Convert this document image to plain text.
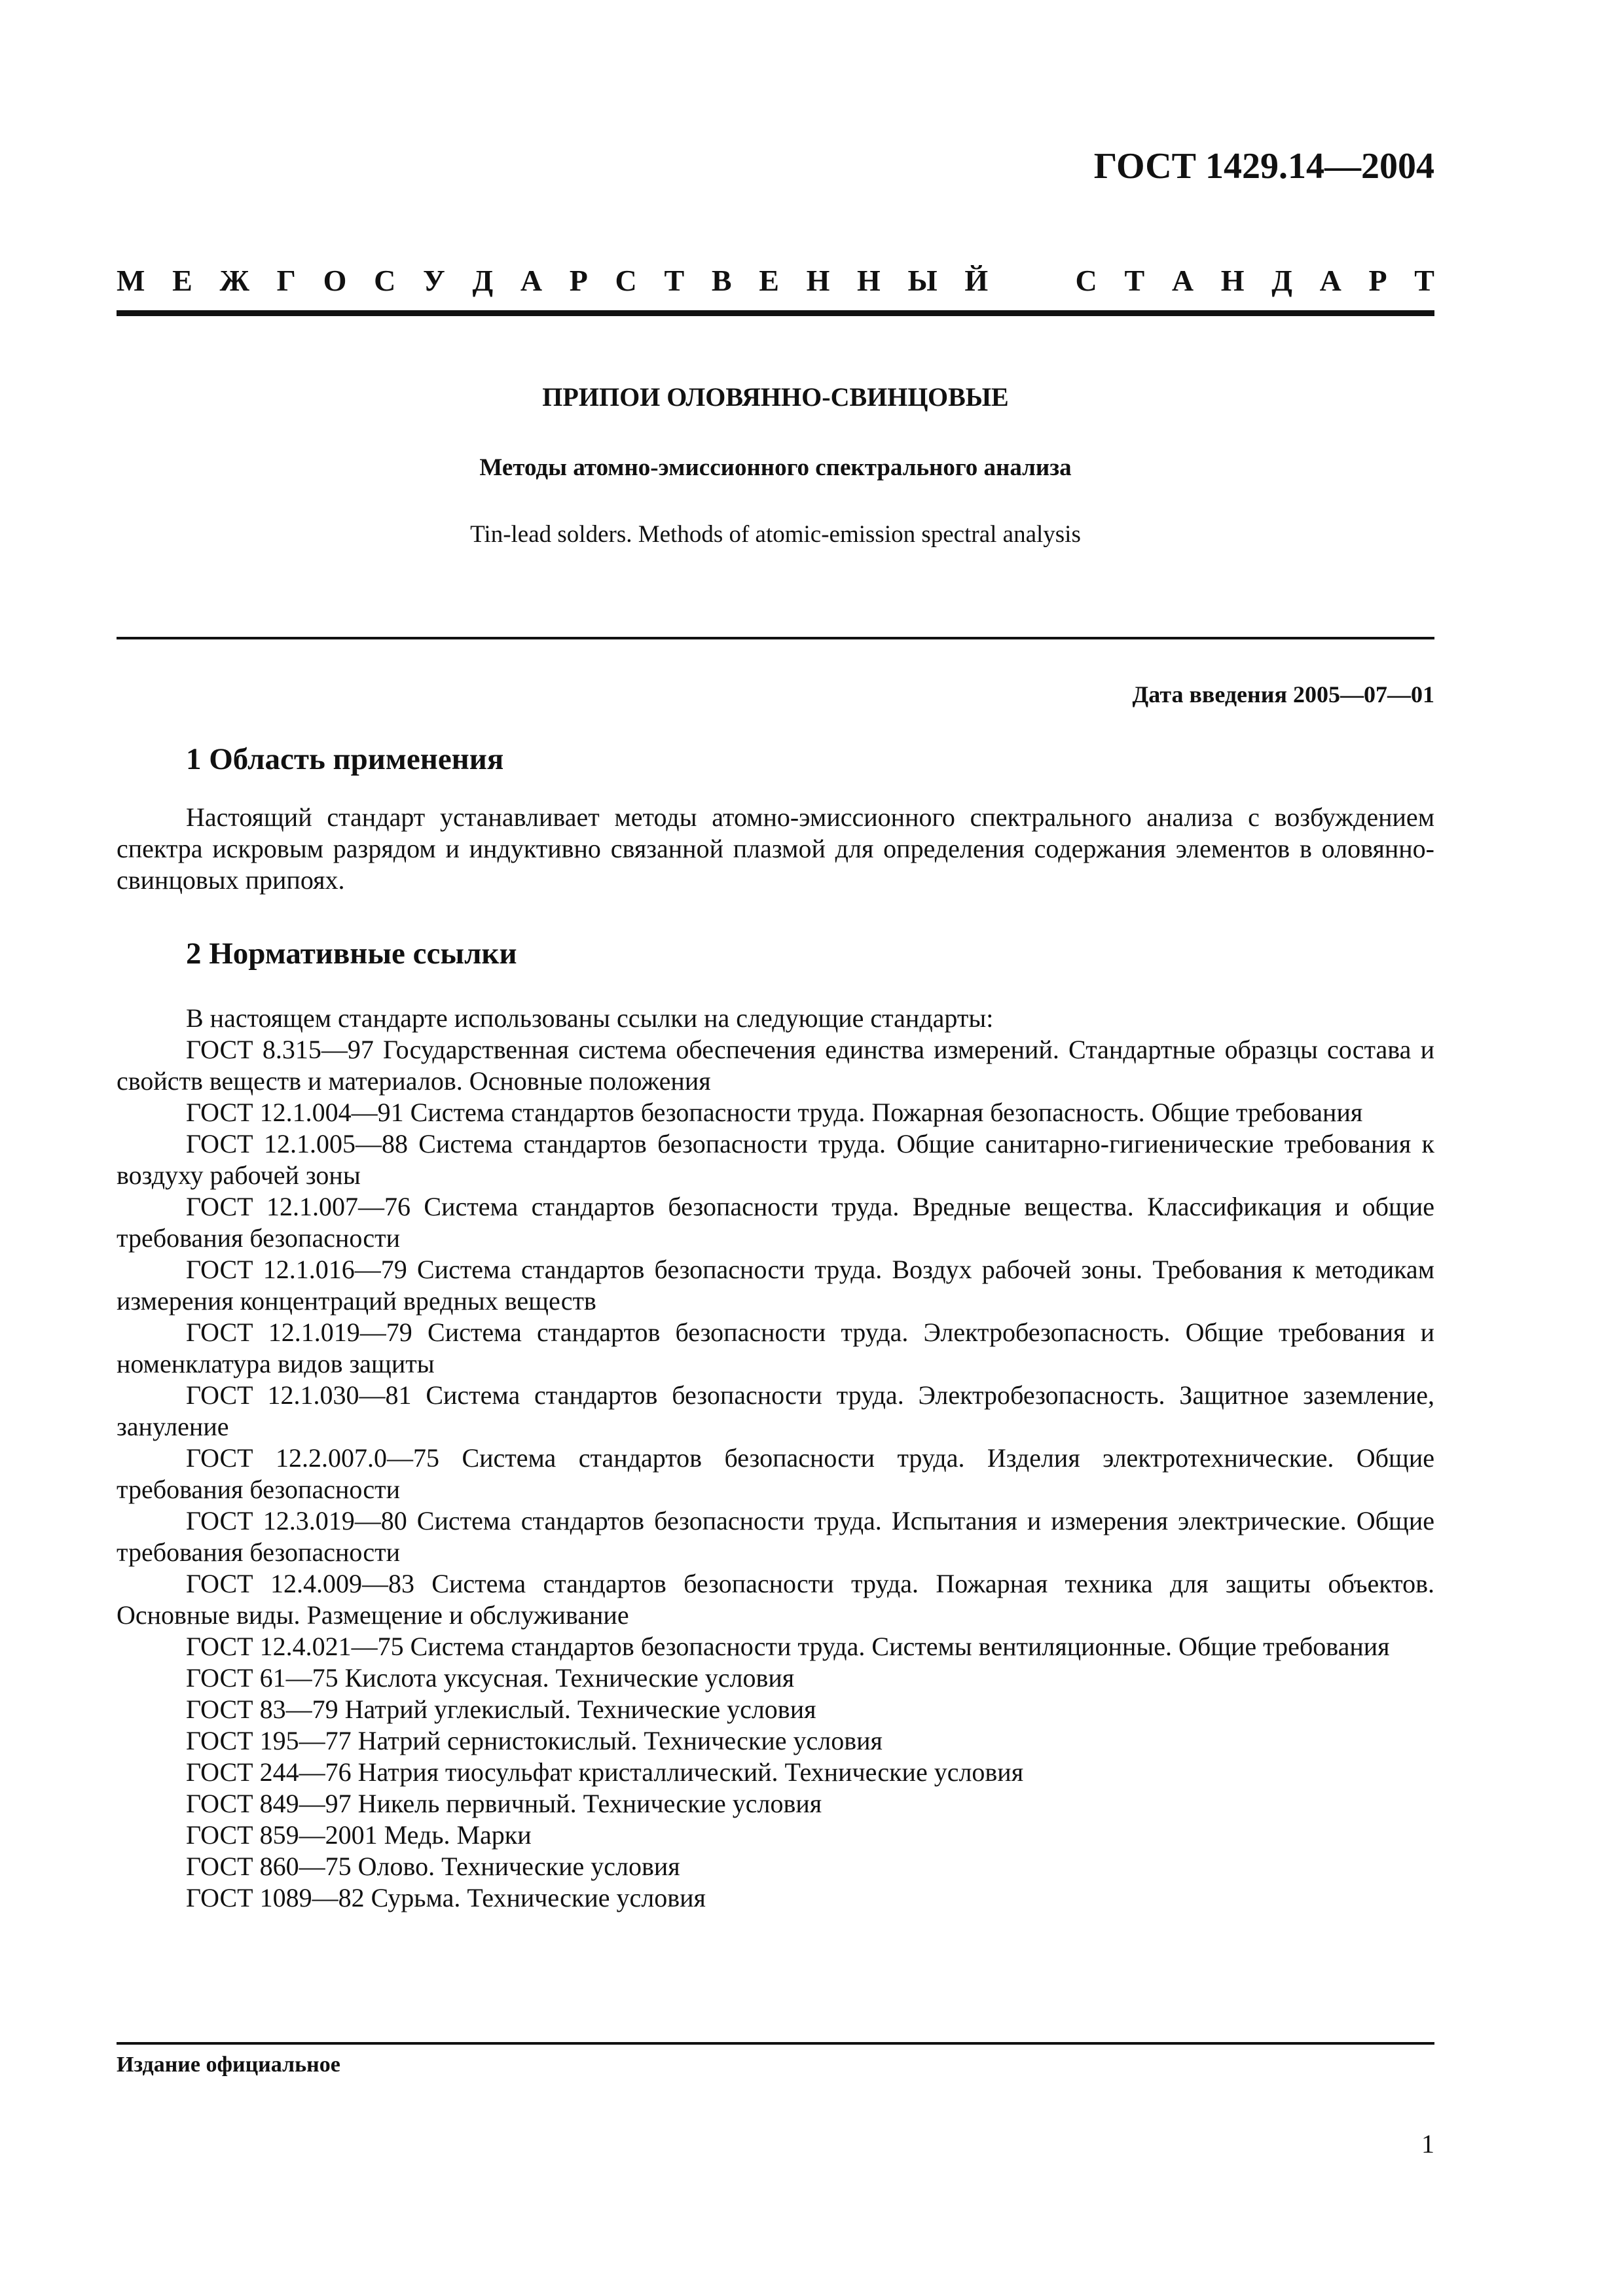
ГОСТ 1429.14—2004
М Е Ж Г О С У Д А Р С Т В Е Н Н Ы Й	С Т А Н Д А Р Т
ПРИПОИ ОЛОВЯННО-СВИНЦОВЫЕ
Методы атомно-эмиссионного спектрального анализа
Tin-lead solders. Methods of atomic-emission spectral analysis
Дата введения 2005—07—01
1 Область применения
Настоящий стандарт устанавливает методы атомно-эмиссионного спектрального анализа с возбуждением спектра искровым разрядом и индуктивно связанной плазмой для определения содержания элементов в оловянно-свинцовых припоях.
2 Нормативные ссылки
В настоящем стандарте использованы ссылки на следующие стандарты:
ГОСТ 8.315—97 Государственная система обеспечения единства измерений. Стандартные образцы состава и свойств веществ и материалов. Основные положения
ГОСТ 12.1.004—91 Система стандартов безопасности труда. Пожарная безопасность. Общие требования
ГОСТ 12.1.005—88 Система стандартов безопасности труда. Общие санитарно-гигиенические требования к воздуху рабочей зоны
ГОСТ 12.1.007—76 Система стандартов безопасности труда. Вредные вещества. Классификация и общие требования безопасности
ГОСТ 12.1.016—79 Система стандартов безопасности труда. Воздух рабочей зоны. Требования к методикам измерения концентраций вредных веществ
ГОСТ 12.1.019—79 Система стандартов безопасности труда. Электробезопасность. Общие требования и номенклатура видов защиты
ГОСТ 12.1.030—81 Система стандартов безопасности труда. Электробезопасность. Защитное заземление, зануление
ГОСТ 12.2.007.0—75 Система стандартов безопасности труда. Изделия электротехнические. Общие требования безопасности
ГОСТ 12.3.019—80 Система стандартов безопасности труда. Испытания и измерения электрические. Общие требования безопасности
ГОСТ 12.4.009—83 Система стандартов безопасности труда. Пожарная техника для защиты объектов. Основные виды. Размещение и обслуживание
ГОСТ 12.4.021—75 Система стандартов безопасности труда. Системы вентиляционные. Общие требования
ГОСТ 61—75 Кислота уксусная. Технические условия
ГОСТ 83—79 Натрий углекислый. Технические условия
ГОСТ 195—77 Натрий сернистокислый. Технические условия
ГОСТ 244—76 Натрия тиосульфат кристаллический. Технические условия
ГОСТ 849—97 Никель первичный. Технические условия
ГОСТ 859—2001 Медь. Марки
ГОСТ 860—75 Олово. Технические условия
ГОСТ 1089—82 Сурьма. Технические условия
Издание официальное
1
